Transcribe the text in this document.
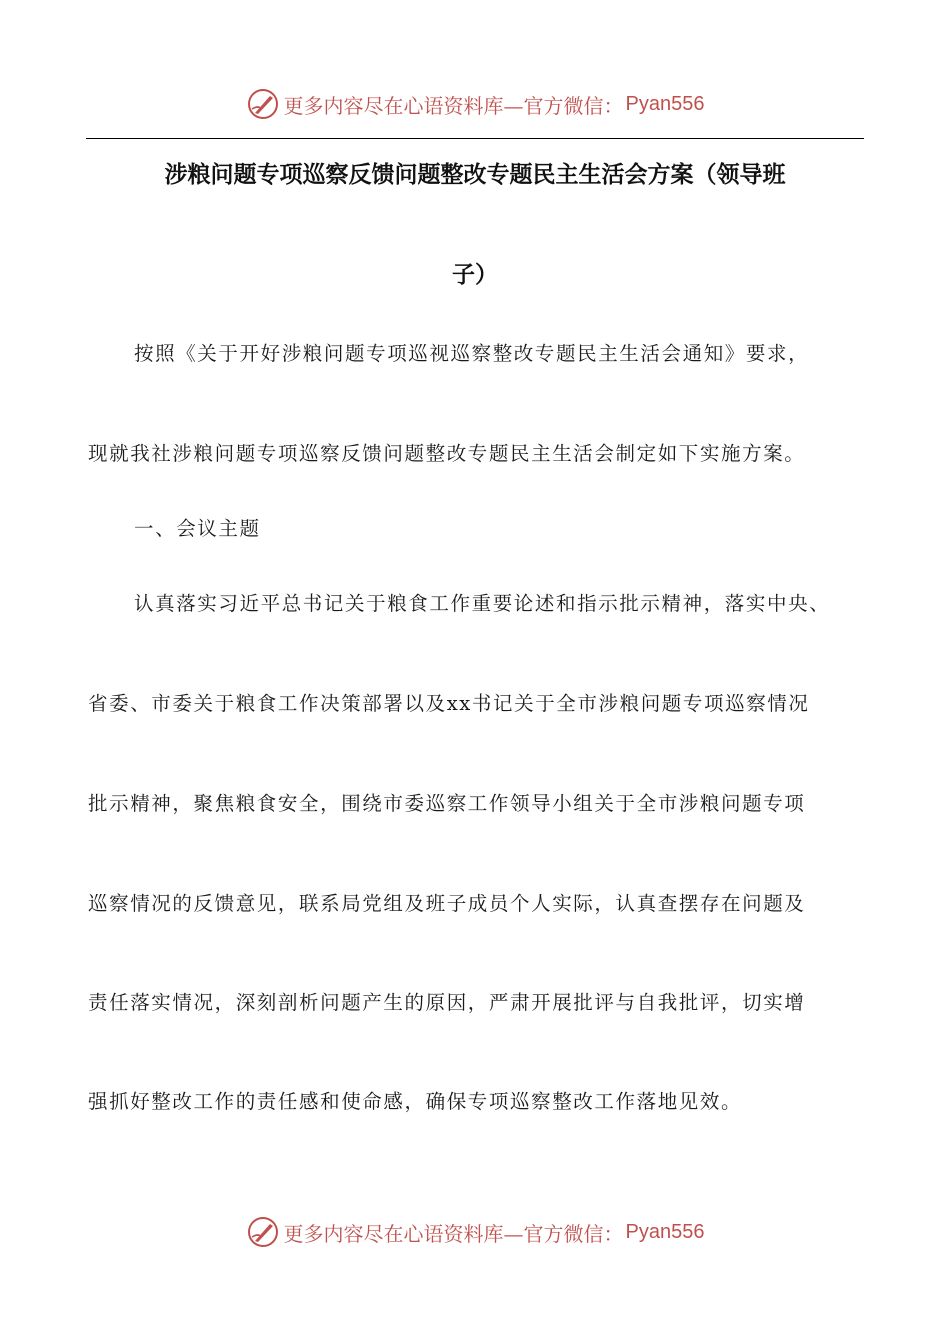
更多内容尽在心语资料库—官方微信： Pyan556
涉粮问题专项巡察反馈问题整改专题民主生活会方案（领导班
子）
按照《关于开好涉粮问题专项巡视巡察整改专题民主生活会通知》要求，
现就我社涉粮问题专项巡察反馈问题整改专题民主生活会制定如下实施方案。
一、会议主题
认真落实习近平总书记关于粮食工作重要论述和指示批示精神，落实中央、
省委、市委关于粮食工作决策部署以及xx书记关于全市涉粮问题专项巡察情况
批示精神，聚焦粮食安全，围绕市委巡察工作领导小组关于全市涉粮问题专项
巡察情况的反馈意见，联系局党组及班子成员个人实际，认真查摆存在问题及
责任落实情况，深刻剖析问题产生的原因，严肃开展批评与自我批评，切实增
强抓好整改工作的责任感和使命感，确保专项巡察整改工作落地见效。
更多内容尽在心语资料库—官方微信： Pyan556
